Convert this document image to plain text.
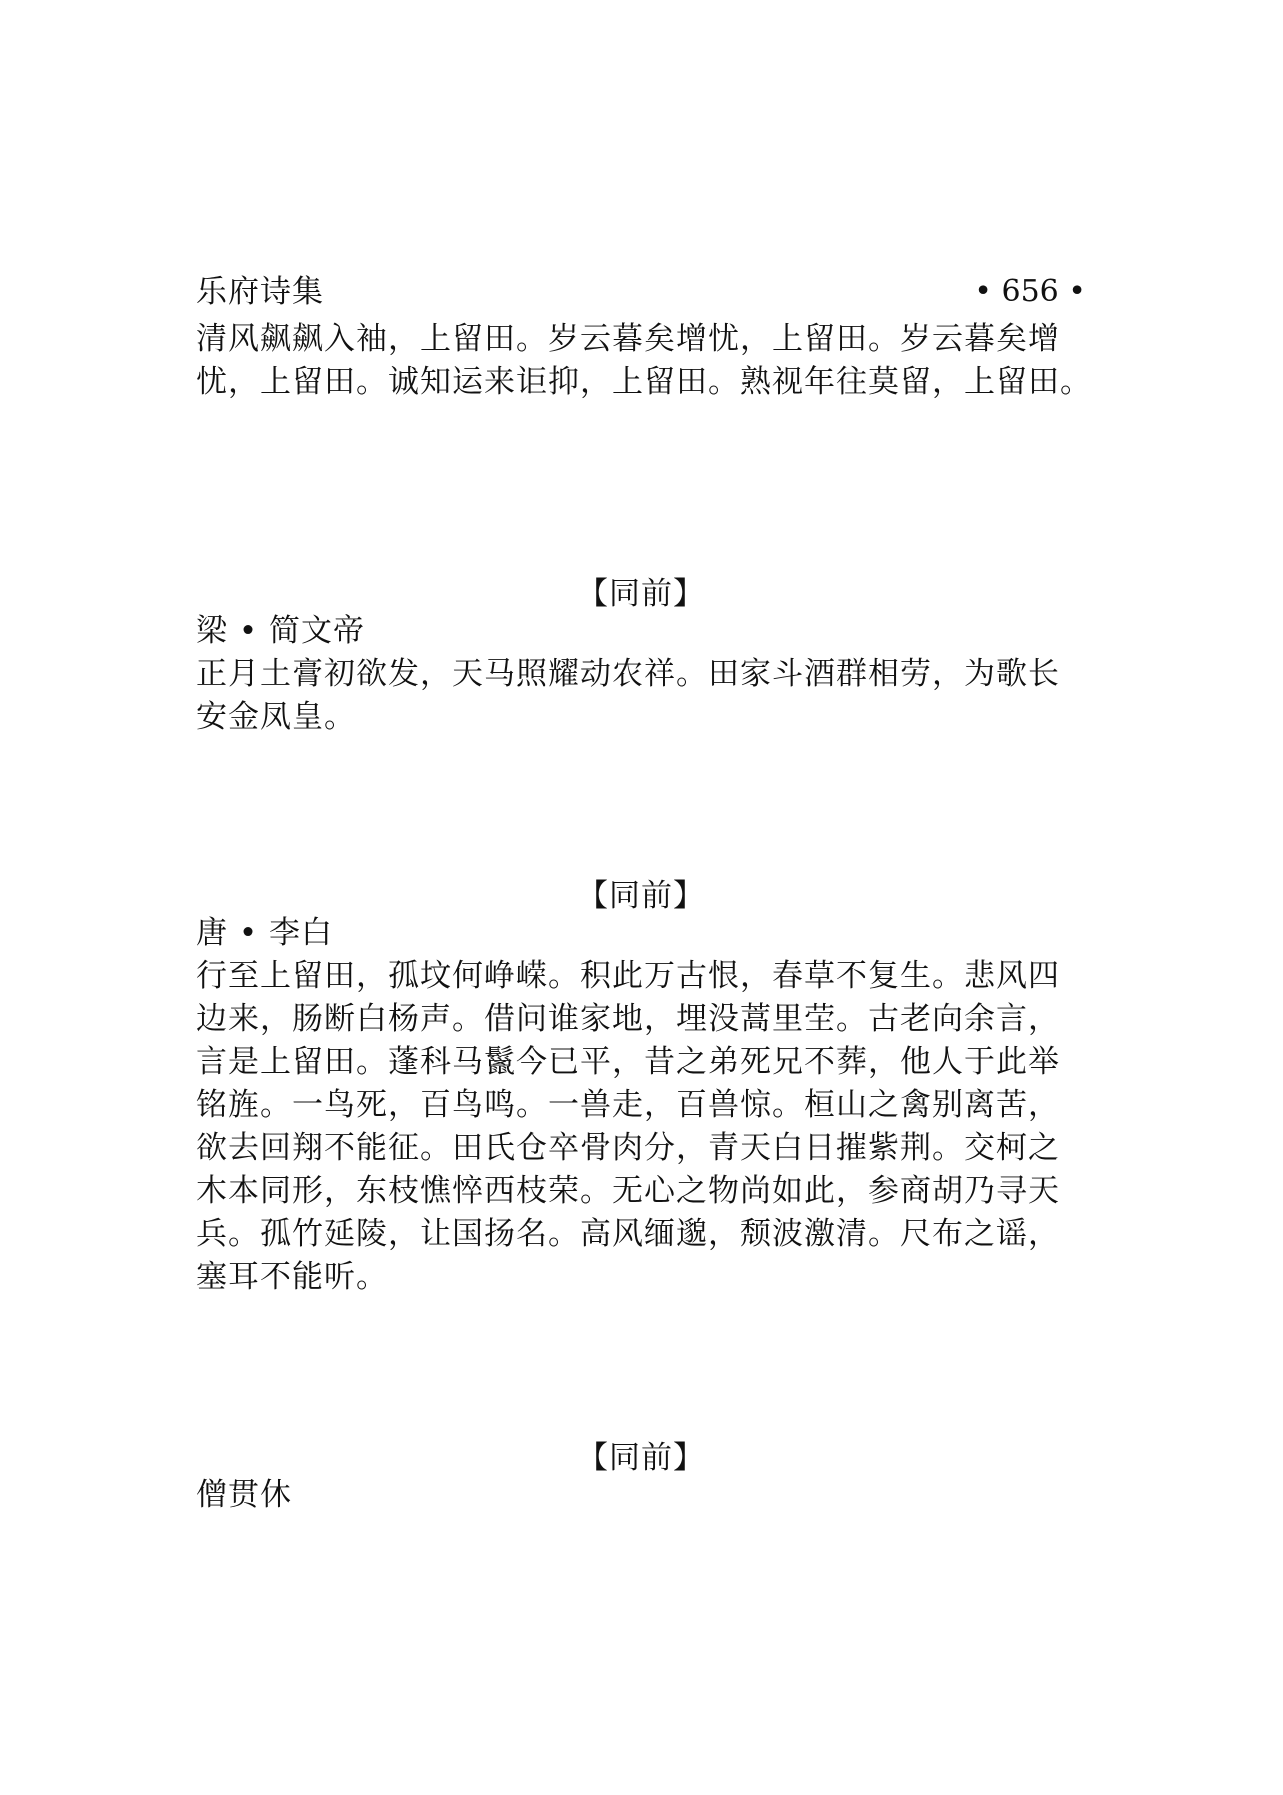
乐府诗集	• 656 •
清风飙飙入袖，上留田。岁云暮矣增忧，上留田。岁云暮矣增
忧，上留田。诚知运来讵抑，上留田。熟视年往莫留，上留田。
【同前】
梁 • 简文帝
正月土膏初欲发，天马照耀动农祥。田家斗酒群相劳，为歌长
安金凤皇。
【同前】
唐 • 李白
行至上留田，孤坟何峥嵘。积此万古恨，春草不复生。悲风四
边来，肠断白杨声。借问谁家地，埋没蒿里茔。古老向余言，
言是上留田。蓬科马鬣今已平，昔之弟死兄不葬，他人于此举
铭旌。一鸟死，百鸟鸣。一兽走，百兽惊。桓山之禽别离苦，
欲去回翔不能征。田氏仓卒骨肉分，青天白日摧紫荆。交柯之
木本同形，东枝憔悴西枝荣。无心之物尚如此，参商胡乃寻天
兵。孤竹延陵，让国扬名。高风缅邈，颓波激清。尺布之谣，
塞耳不能听。
【同前】
僧贯休
